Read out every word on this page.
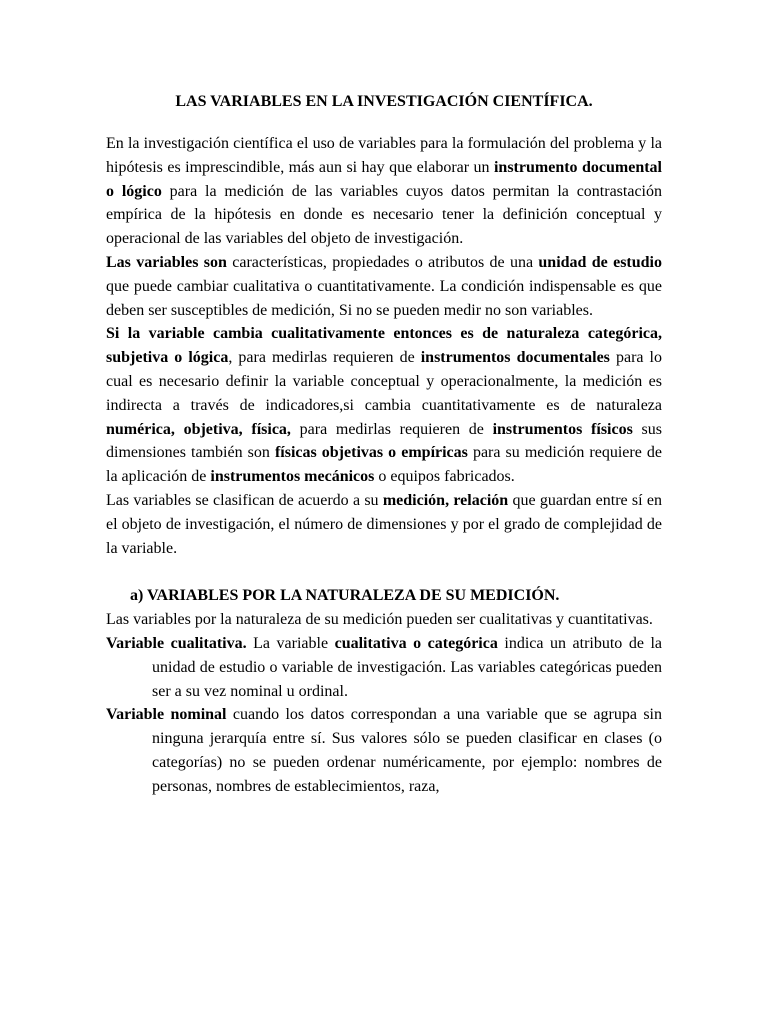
LAS VARIABLES EN LA INVESTIGACIÓN CIENTÍFICA.

En la investigación científica el uso de variables para la formulación del problema y la hipótesis es imprescindible, más aun si hay que elaborar un instrumento documental o lógico para la medición de las variables cuyos datos permitan la contrastación empírica de la hipótesis en donde es necesario tener la definición conceptual y operacional de las variables del objeto de investigación.

Las variables son características, propiedades o atributos de una unidad de estudio que puede cambiar cualitativa o cuantitativamente. La condición indispensable es que deben ser susceptibles de medición, Si no se pueden medir no son variables.

Si la variable cambia cualitativamente entonces es de naturaleza categórica, subjetiva o lógica, para medirlas requieren de instrumentos documentales para lo cual es necesario definir la variable conceptual y operacionalmente, la medición es indirecta a través de indicadores,si cambia cuantitativamente es de naturaleza numérica, objetiva, física, para medirlas requieren de instrumentos físicos sus dimensiones también son físicas objetivas o empíricas para su medición requiere de la aplicación de instrumentos mecánicos o equipos fabricados.

Las variables se clasifican de acuerdo a su medición, relación que guardan entre sí en el objeto de investigación, el número de dimensiones y por el grado de complejidad de la variable.

a) VARIABLES POR LA NATURALEZA DE SU MEDICIÓN.

Las variables por la naturaleza de su medición pueden ser cualitativas y cuantitativas.

Variable cualitativa. La variable cualitativa o categórica indica un atributo de la unidad de estudio o variable de investigación. Las variables categóricas pueden ser a su vez nominal u ordinal.

Variable nominal cuando los datos correspondan a una variable que se agrupa sin ninguna jerarquía entre sí. Sus valores sólo se pueden clasificar en clases (o categorías) no se pueden ordenar numéricamente, por ejemplo: nombres de personas, nombres de establecimientos, raza,
